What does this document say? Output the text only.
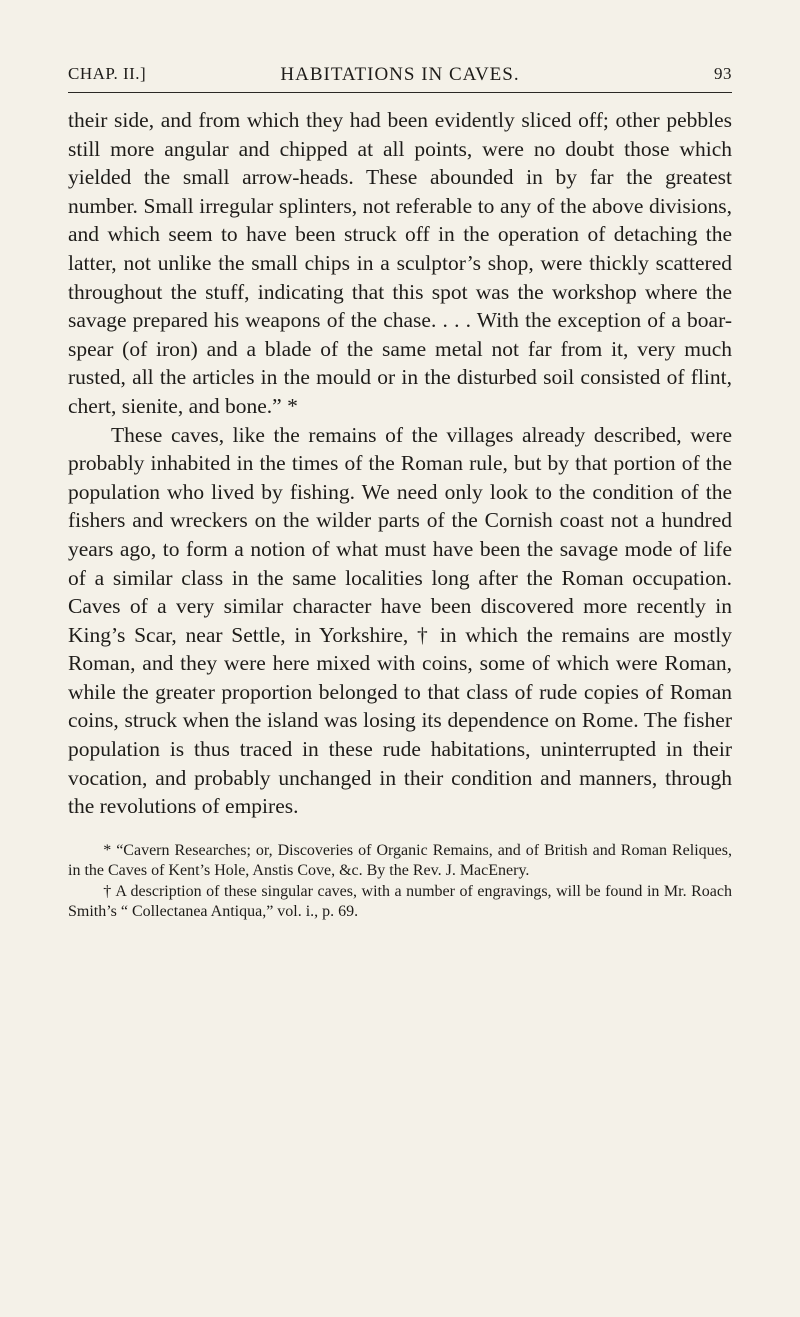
CHAP. II.]	HABITATIONS IN CAVES.	93

their side, and from which they had been evidently sliced off; other pebbles still more angular and chipped at all points, were no doubt those which yielded the small arrow-heads. These abounded in by far the greatest number. Small irregular splinters, not referable to any of the above divisions, and which seem to have been struck off in the operation of detaching the latter, not unlike the small chips in a sculptor’s shop, were thickly scattered throughout the stuff, indicating that this spot was the workshop where the savage prepared his weapons of the chase. . . . With the exception of a boar-spear (of iron) and a blade of the same metal not far from it, very much rusted, all the articles in the mould or in the disturbed soil consisted of flint, chert, sienite, and bone.” *

These caves, like the remains of the villages already described, were probably inhabited in the times of the Roman rule, but by that portion of the population who lived by fishing. We need only look to the condition of the fishers and wreckers on the wilder parts of the Cornish coast not a hundred years ago, to form a notion of what must have been the savage mode of life of a similar class in the same localities long after the Roman occupation. Caves of a very similar character have been discovered more recently in King’s Scar, near Settle, in Yorkshire, † in which the remains are mostly Roman, and they were here mixed with coins, some of which were Roman, while the greater proportion belonged to that class of rude copies of Roman coins, struck when the island was losing its dependence on Rome. The fisher population is thus traced in these rude habitations, uninterrupted in their vocation, and probably unchanged in their condition and manners, through the revolutions of empires.

* “Cavern Researches; or, Discoveries of Organic Remains, and of British and Roman Reliques, in the Caves of Kent’s Hole, Anstis Cove, &c. By the Rev. J. MacEnery.

† A description of these singular caves, with a number of engravings, will be found in Mr. Roach Smith’s “ Collectanea Antiqua,” vol. i., p. 69.
